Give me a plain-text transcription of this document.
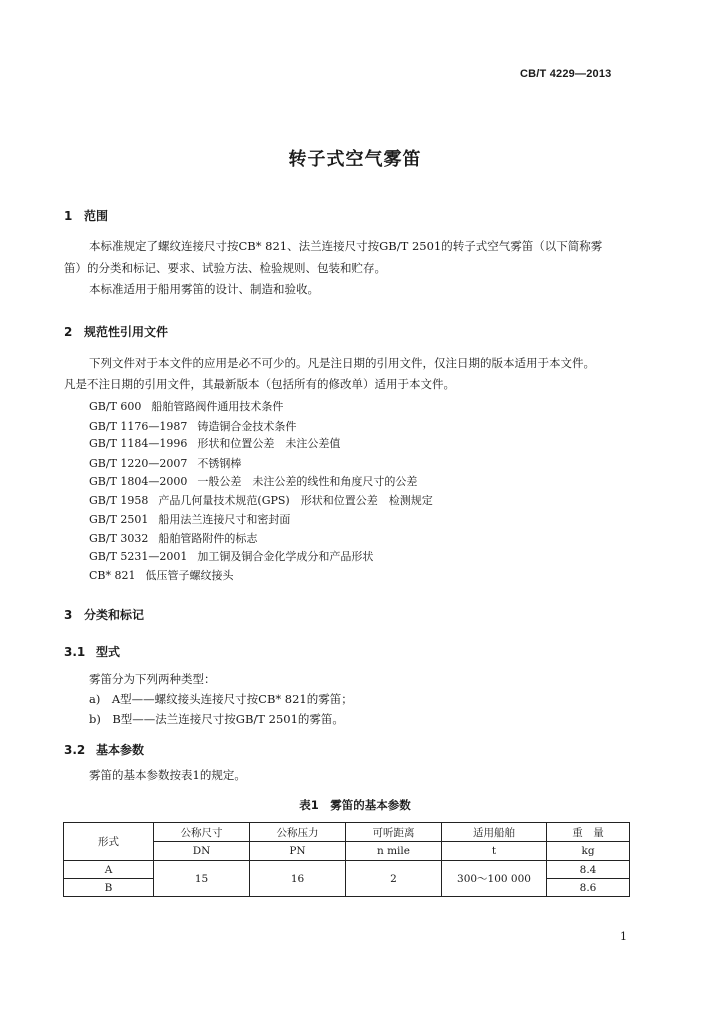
CB/T 4229—2013
转子式空气雾笛
1 范围
本标准规定了螺纹连接尺寸按CB* 821、法兰连接尺寸按GB/T 2501的转子式空气雾笛（以下简称雾
笛）的分类和标记、要求、试验方法、检验规则、包装和贮存。
本标准适用于船用雾笛的设计、制造和验收。
2 规范性引用文件
下列文件对于本文件的应用是必不可少的。凡是注日期的引用文件，仅注日期的版本适用于本文件。
凡是不注日期的引用文件，其最新版本（包括所有的修改单）适用于本文件。
GB/T 600 船舶管路阀件通用技术条件
GB/T 1176—1987 铸造铜合金技术条件
GB/T 1184—1996 形状和位置公差　未注公差值
GB/T 1220—2007 不锈钢棒
GB/T 1804—2000 一般公差　未注公差的线性和角度尺寸的公差
GB/T 1958 产品几何量技术规范(GPS)　形状和位置公差　检测规定
GB/T 2501 船用法兰连接尺寸和密封面
GB/T 3032 船舶管路附件的标志
GB/T 5231—2001 加工铜及铜合金化学成分和产品形状
CB* 821 低压管子螺纹接头
3 分类和标记
3.1 型式
雾笛分为下列两种类型：
a)　A型——螺纹接头连接尺寸按CB* 821的雾笛；
b)　B型——法兰连接尺寸按GB/T 2501的雾笛。
3.2 基本参数
雾笛的基本参数按表1的规定。
表1　雾笛的基本参数
形式	公称尺寸	公称压力	可听距离	适用船舶	重　量
	DN	PN	n mile	t	kg
A	15	16	2	300～100 000	8.4
B					8.6
1
